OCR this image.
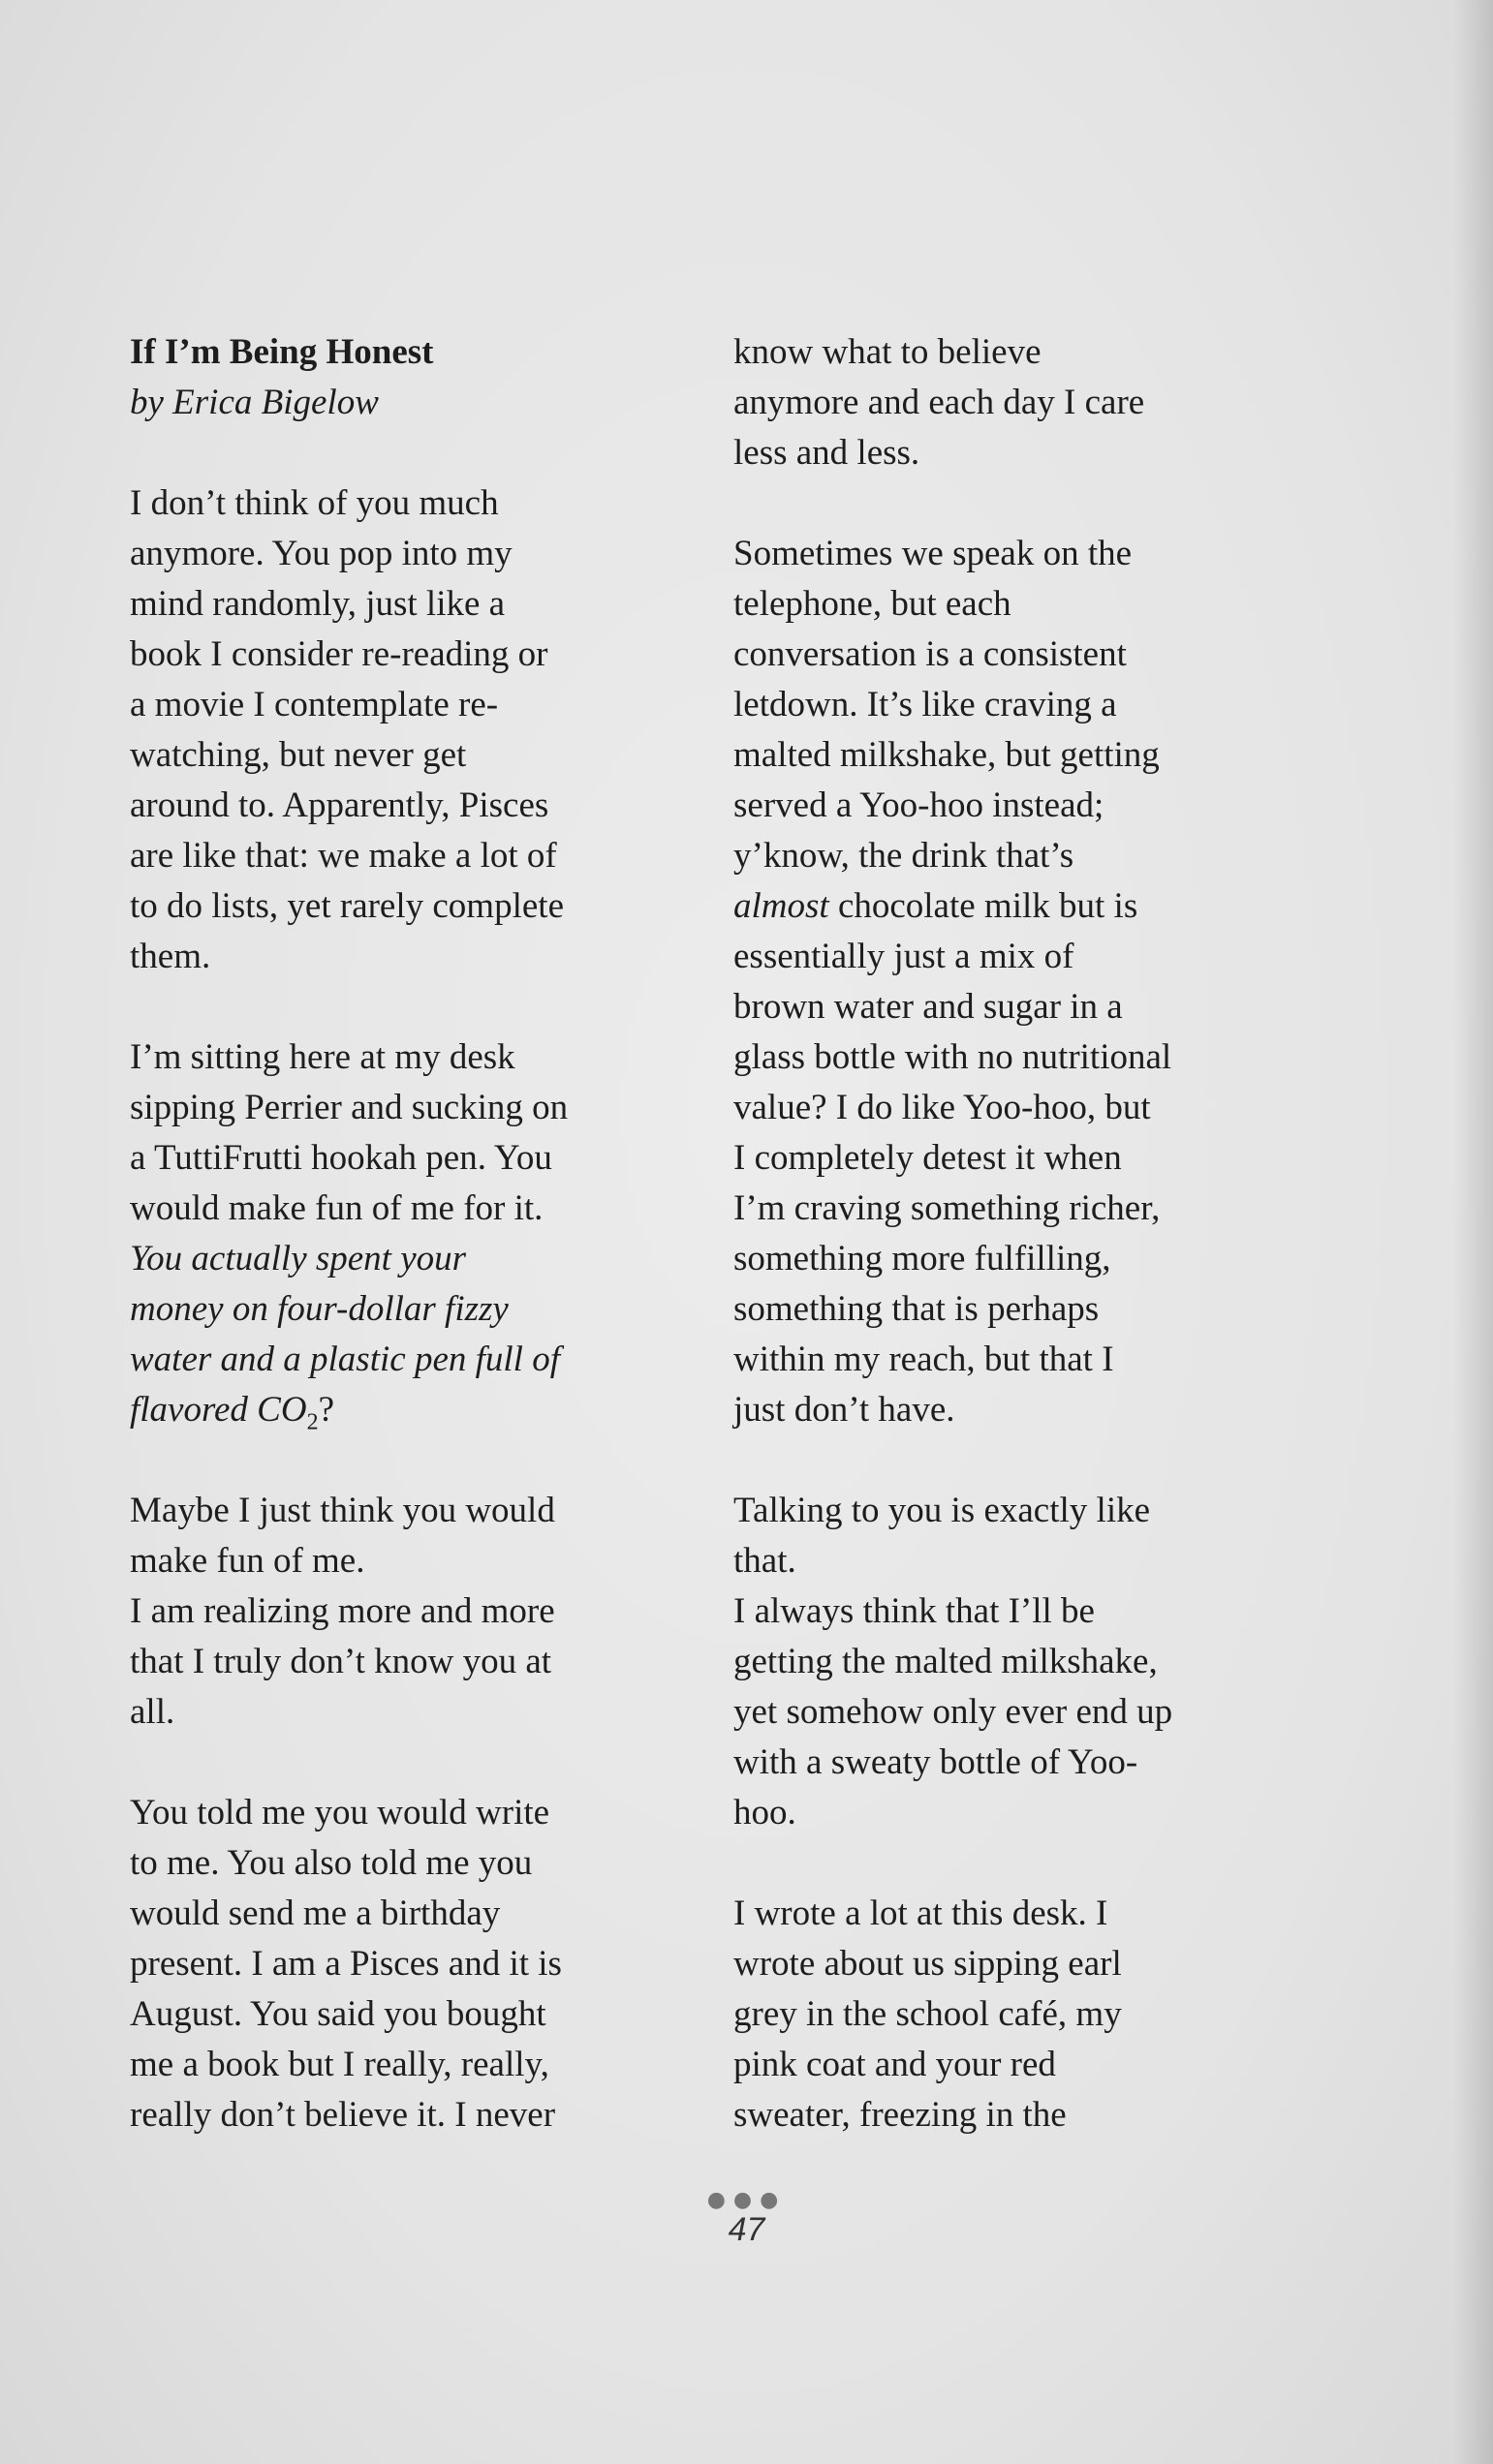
If I’m Being Honest

by Erica Bigelow

I don’t think of you much
anymore. You pop into my
mind randomly, just like a
book I consider re-reading or
a movie I contemplate re-
watching, but never get
around to. Apparently, Pisces
are like that: we make a lot of
to do lists, yet rarely complete
them.

I’m sitting here at my desk
sipping Perrier and sucking on
a TuttiFrutti hookah pen. You
would make fun of me for it.
You actually spent your
money on four-dollar fizzy
water and a plastic pen full of
flavored $CO_2$?

Maybe I just think you would
make fun of me.

I am realizing more and more
that I truly don’t know you at
all.

You told me you would write
to me. You also told me you
would send me a birthday
present. I am a Pisces and it is
August. You said you bought
me a book but I really, really,
really don’t believe it. I never

know what to believe
anymore and each day I care
less and less.

Sometimes we speak on the
telephone, but each
conversation is a consistent
letdown. It’s like craving a
malted milkshake, but getting
served a Yoo-hoo instead;
y’know, the drink that’s
almost chocolate milk but is
essentially just a mix of
brown water and sugar in a
glass bottle with no nutritional
value? I do like Yoo-hoo, but
I completely detest it when
I’m craving something richer,
something more fulfilling,
something that is perhaps
within my reach, but that I
just don’t have.

Talking to you is exactly like
that.

I always think that I’ll be
getting the malted milkshake,
yet somehow only ever end up
with a sweaty bottle of Yoo-
hoo.

I wrote a lot at this desk. I
wrote about us sipping earl
grey in the school café, my
pink coat and your red
sweater, freezing in the

●●●
47
